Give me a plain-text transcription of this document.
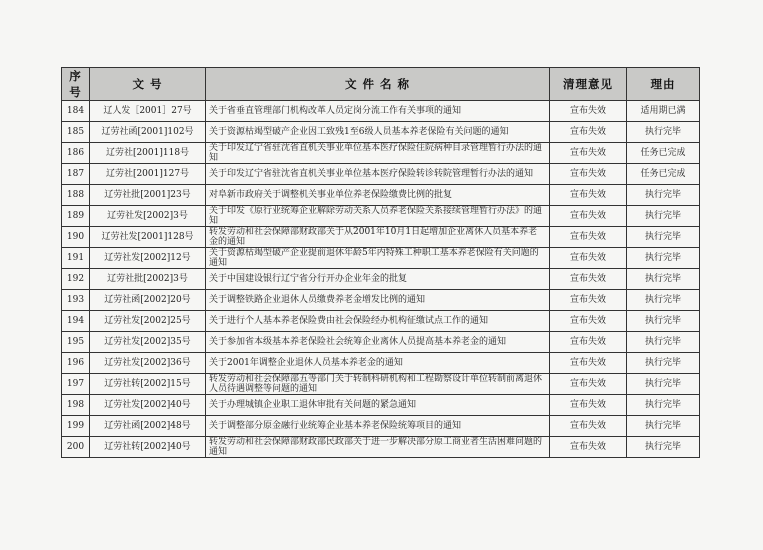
序号	文 号	文 件 名 称	清理意见	理由
184	辽人发［2001］27号	关于省垂直管理部门机构改革人员定岗分流工作有关事项的通知	宣布失效	适用期已满
185	辽劳社函[2001]102号	关于资源枯竭型破产企业因工致残1至6级人员基本养老保险有关问题的通知	宣布失效	执行完毕
186	辽劳社[2001]118号	关于印发辽宁省驻沈省直机关事业单位基本医疗保险住院病种目录管理暂行办法的通知	宣布失效	任务已完成
187	辽劳社[2001]127号	关于印发辽宁省驻沈省直机关事业单位基本医疗保险转诊转院管理暂行办法的通知	宣布失效	任务已完成
188	辽劳社批[2001]23号	对阜新市政府关于调整机关事业单位养老保险缴费比例的批复	宣布失效	执行完毕
189	辽劳社发[2002]3号	关于印发《原行业统筹企业解除劳动关系人员养老保险关系接续管理暂行办法》的通知	宣布失效	执行完毕
190	辽劳社发[2001]128号	转发劳动和社会保障部财政部关于从2001年10月1日起增加企业离休人员基本养老金的通知	宣布失效	执行完毕
191	辽劳社发[2002]12号	关于资源枯竭型破产企业提前退休年龄5年内特殊工种职工基本养老保险有关问题的通知	宣布失效	执行完毕
192	辽劳社批[2002]3号	关于中国建设银行辽宁省分行开办企业年金的批复	宣布失效	执行完毕
193	辽劳社函[2002]20号	关于调整铁路企业退休人员缴费养老金增发比例的通知	宣布失效	执行完毕
194	辽劳社发[2002]25号	关于进行个人基本养老保险费由社会保险经办机构征缴试点工作的通知	宣布失效	执行完毕
195	辽劳社发[2002]35号	关于参加省本级基本养老保险社会统筹企业离休人员提高基本养老金的通知	宣布失效	执行完毕
196	辽劳社发[2002]36号	关于2001年调整企业退休人员基本养老金的通知	宣布失效	执行完毕
197	辽劳社转[2002]15号	转发劳动和社会保障部五等部门关于转制科研机构和工程勘察设计单位转制前离退休人员待遇调整等问题的通知	宣布失效	执行完毕
198	辽劳社发[2002]40号	关于办理城镇企业职工退休审批有关问题的紧急通知	宣布失效	执行完毕
199	辽劳社函[2002]48号	关于调整部分原金融行业统筹企业基本养老保险统筹项目的通知	宣布失效	执行完毕
200	辽劳社转[2002]40号	转发劳动和社会保障部财政部民政部关于进一步解决部分原工商业者生活困难问题的通知	宣布失效	执行完毕
